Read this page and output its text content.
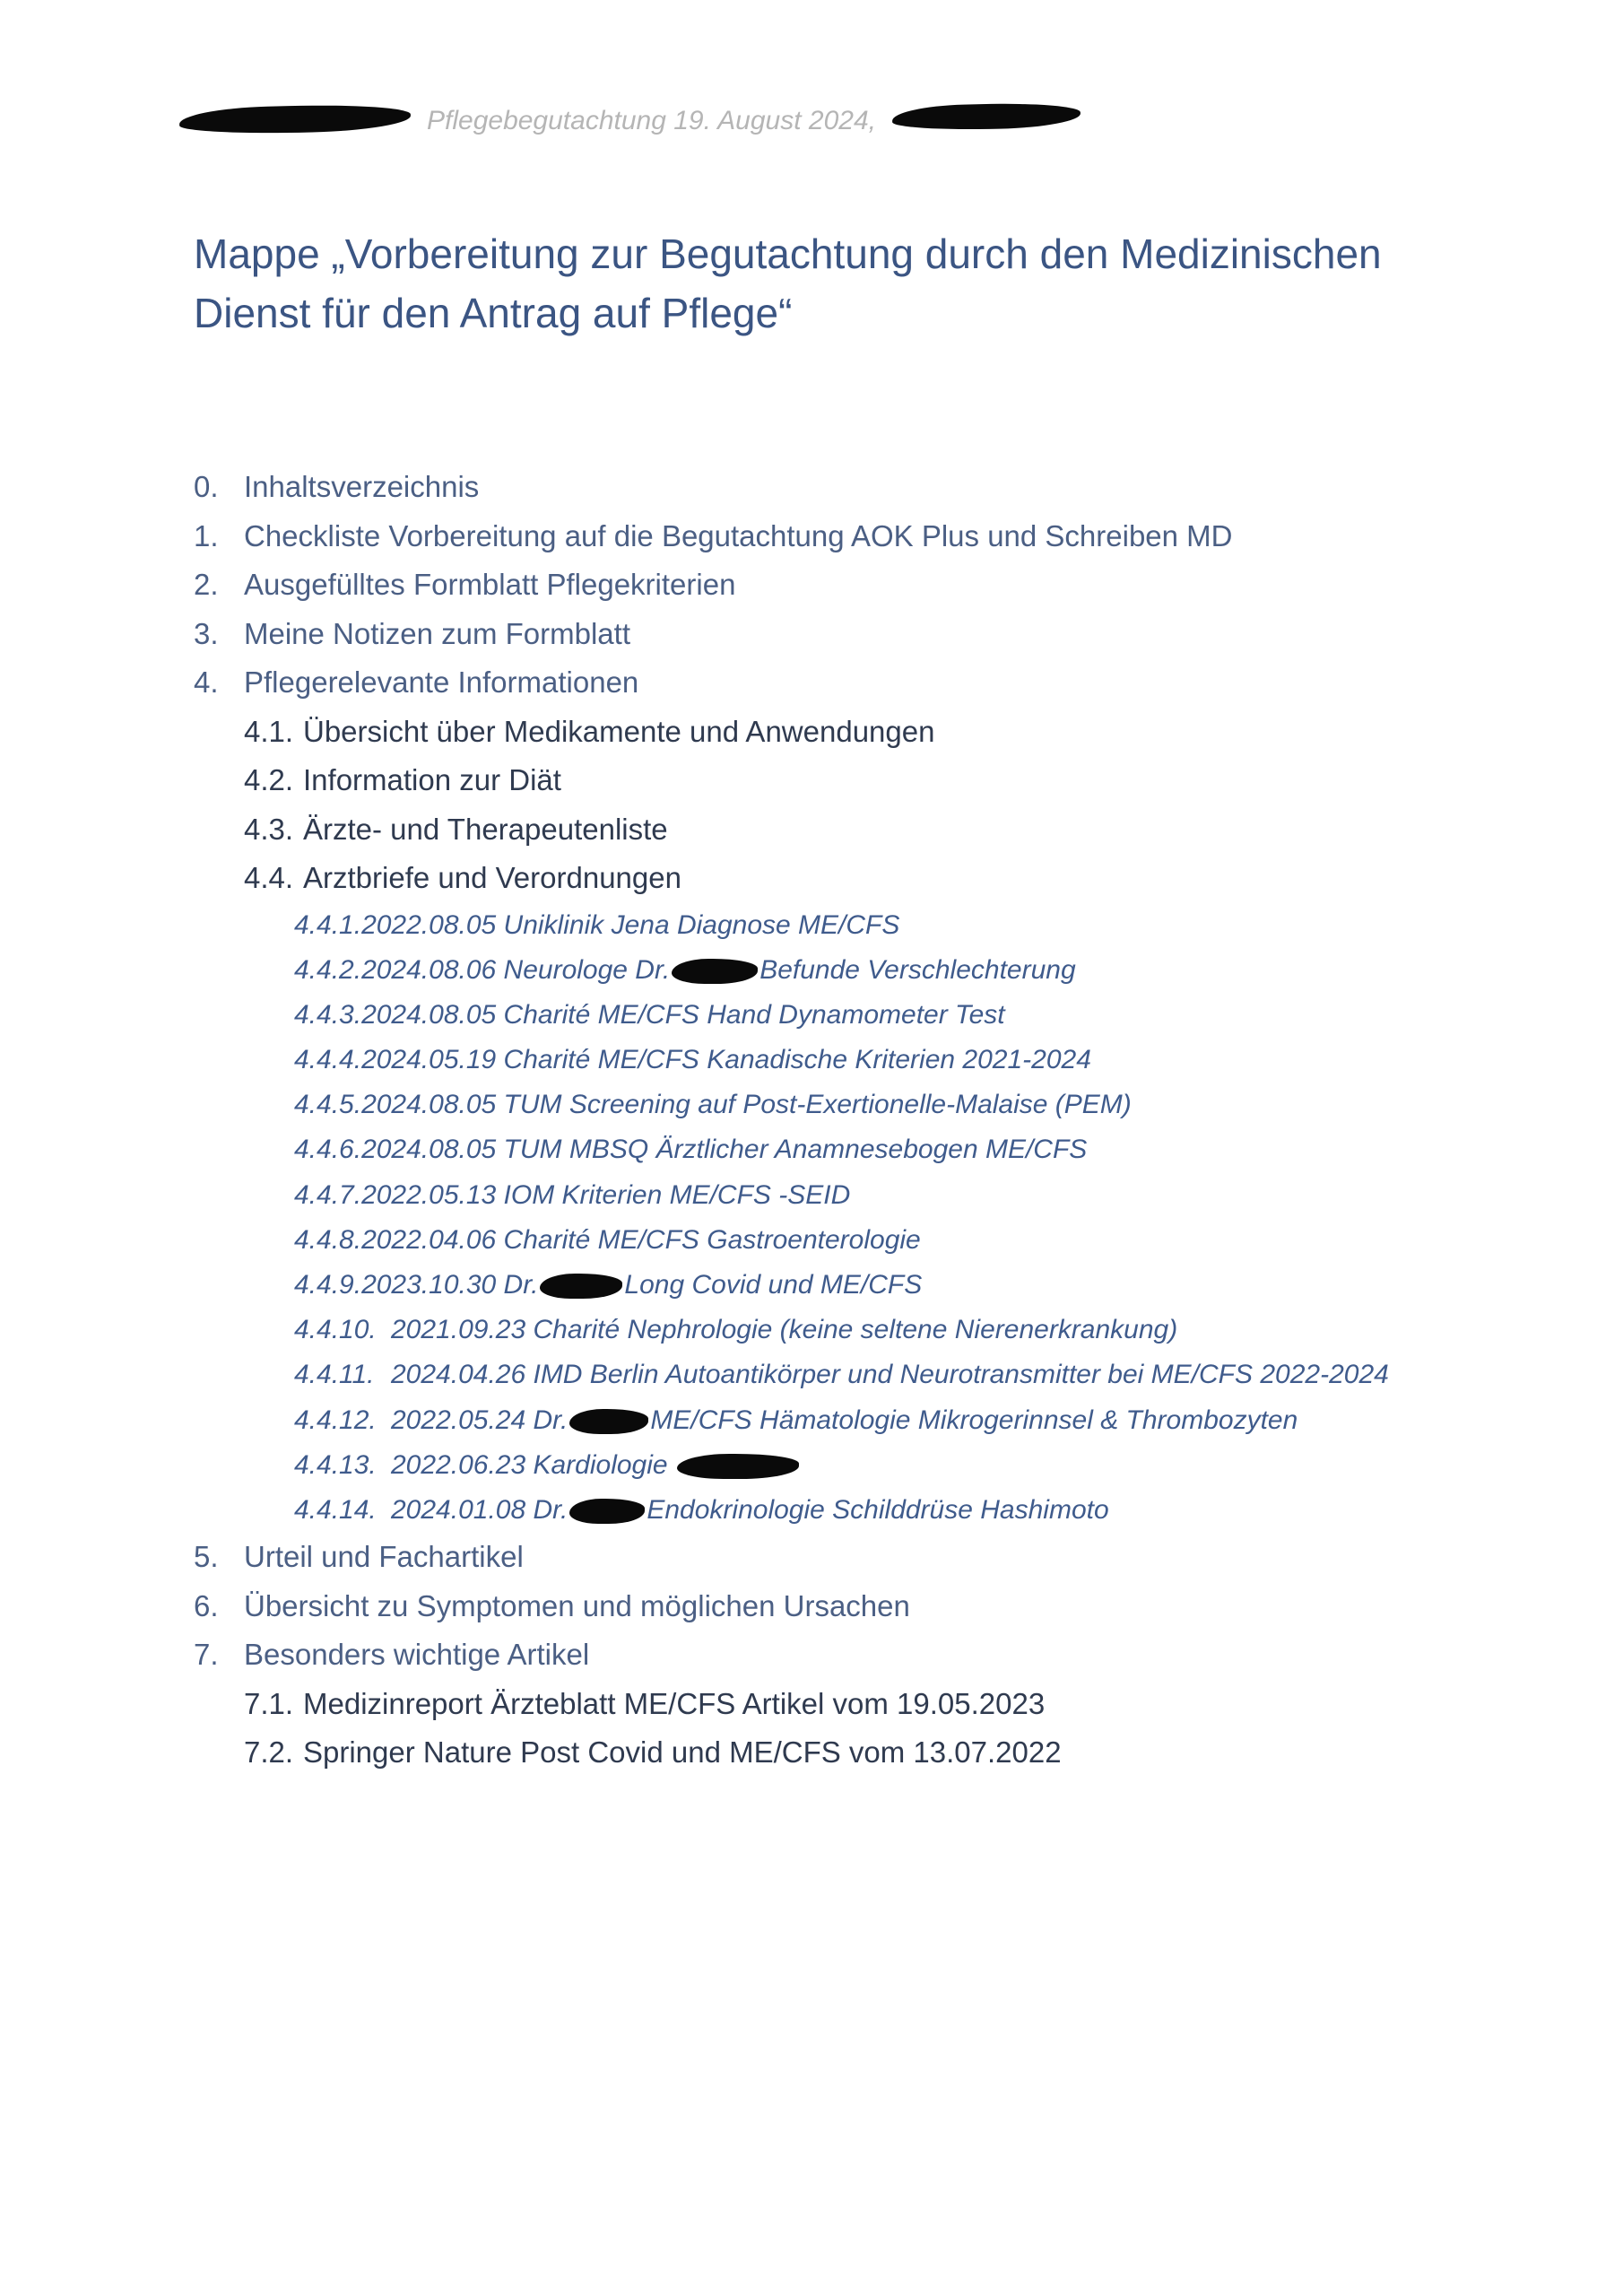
Pflegebegutachtung 19. August 2024,
Mappe „Vorbereitung zur Begutachtung durch den Medizinischen Dienst für den Antrag auf Pflege“
0. Inhaltsverzeichnis
1. Checkliste Vorbereitung auf die Begutachtung AOK Plus und Schreiben MD
2. Ausgefülltes Formblatt Pflegekriterien
3. Meine Notizen zum Formblatt
4. Pflegerelevante Informationen
4.1. Übersicht über Medikamente und Anwendungen
4.2. Information zur Diät
4.3. Ärzte- und Therapeutenliste
4.4. Arztbriefe und Verordnungen
4.4.1.2022.08.05 Uniklinik Jena Diagnose ME/CFS
4.4.2.2024.08.06 Neurologe Dr.	Befunde Verschlechterung
4.4.3.2024.08.05 Charité ME/CFS Hand Dynamometer Test
4.4.4.2024.05.19 Charité ME/CFS Kanadische Kriterien 2021-2024
4.4.5.2024.08.05 TUM Screening auf Post-Exertionelle-Malaise (PEM)
4.4.6.2024.08.05 TUM MBSQ Ärztlicher Anamnesebogen ME/CFS
4.4.7.2022.05.13 IOM Kriterien ME/CFS -SEID
4.4.8.2022.04.06 Charité ME/CFS Gastroenterologie
4.4.9.2023.10.30 Dr.	Long Covid und ME/CFS
4.4.10. 2021.09.23 Charité Nephrologie (keine seltene Nierenerkrankung)
4.4.11. 2024.04.26 IMD Berlin Autoantikörper und Neurotransmitter bei ME/CFS 2022-2024
4.4.12. 2022.05.24 Dr.	ME/CFS Hämatologie Mikrogerinnsel & Thrombozyten
4.4.13. 2022.06.23 Kardiologie
4.4.14. 2024.01.08 Dr.	Endokrinologie Schilddrüse Hashimoto
5. Urteil und Fachartikel
6. Übersicht zu Symptomen und möglichen Ursachen
7. Besonders wichtige Artikel
7.1. Medizinreport Ärzteblatt ME/CFS Artikel vom 19.05.2023
7.2. Springer Nature Post Covid und ME/CFS vom 13.07.2022
